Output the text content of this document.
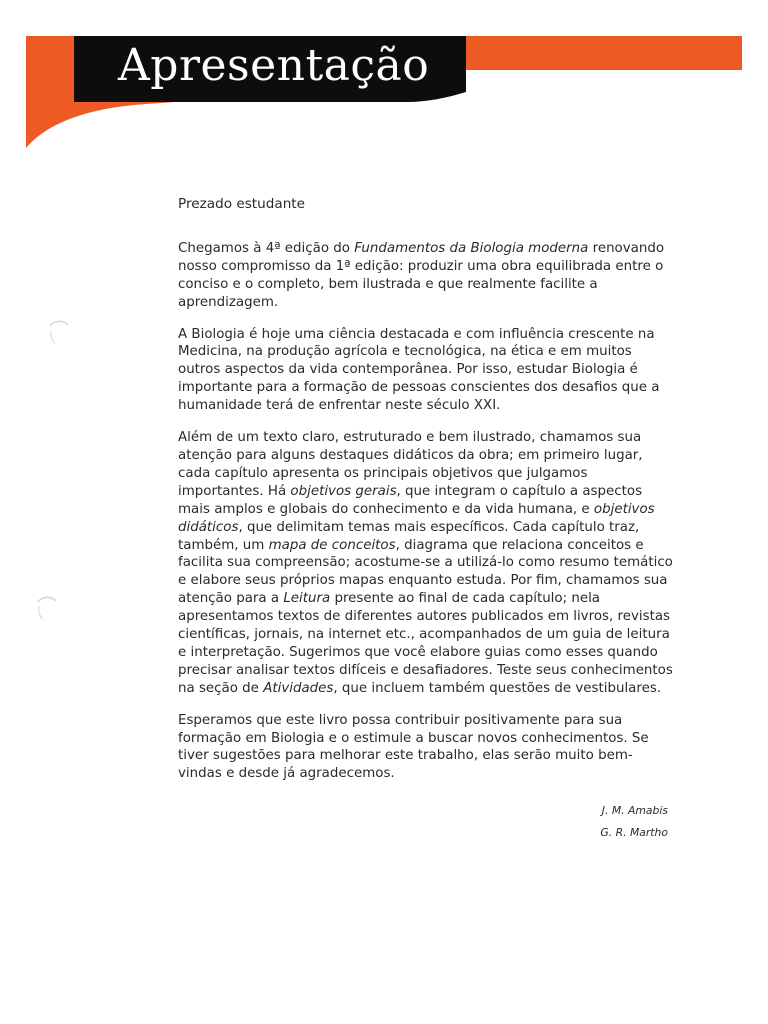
Apresentação

Prezado estudante

Chegamos à 4ª edição do Fundamentos da Biologia moderna renovando nosso compromisso da 1ª edição: produzir uma obra equilibrada entre o conciso e o completo, bem ilustrada e que realmente facilite a aprendizagem.

A Biologia é hoje uma ciência destacada e com influência crescente na Medicina, na produção agrícola e tecnológica, na ética e em muitos outros aspectos da vida contemporânea. Por isso, estudar Biologia é importante para a formação de pessoas conscientes dos desafios que a humanidade terá de enfrentar neste século XXI.

Além de um texto claro, estruturado e bem ilustrado, chamamos sua atenção para alguns destaques didáticos da obra; em primeiro lugar, cada capítulo apresenta os principais objetivos que julgamos importantes. Há objetivos gerais, que integram o capítulo a aspectos mais amplos e globais do conhecimento e da vida humana, e objetivos didáticos, que delimitam temas mais específicos. Cada capítulo traz, também, um mapa de conceitos, diagrama que relaciona conceitos e facilita sua compreensão; acostume-se a utilizá-lo como resumo temático e elabore seus próprios mapas enquanto estuda. Por fim, chamamos sua atenção para a Leitura presente ao final de cada capítulo; nela apresentamos textos de diferentes autores publicados em livros, revistas científicas, jornais, na internet etc., acompanhados de um guia de leitura e interpretação. Sugerimos que você elabore guias como esses quando precisar analisar textos difíceis e desafiadores. Teste seus conhecimentos na seção de Atividades, que incluem também questões de vestibulares.

Esperamos que este livro possa contribuir positivamente para sua formação em Biologia e o estimule a buscar novos conhecimentos. Se tiver sugestões para melhorar este trabalho, elas serão muito bem-vindas e desde já agradecemos.

J. M. Amabis
G. R. Martho
